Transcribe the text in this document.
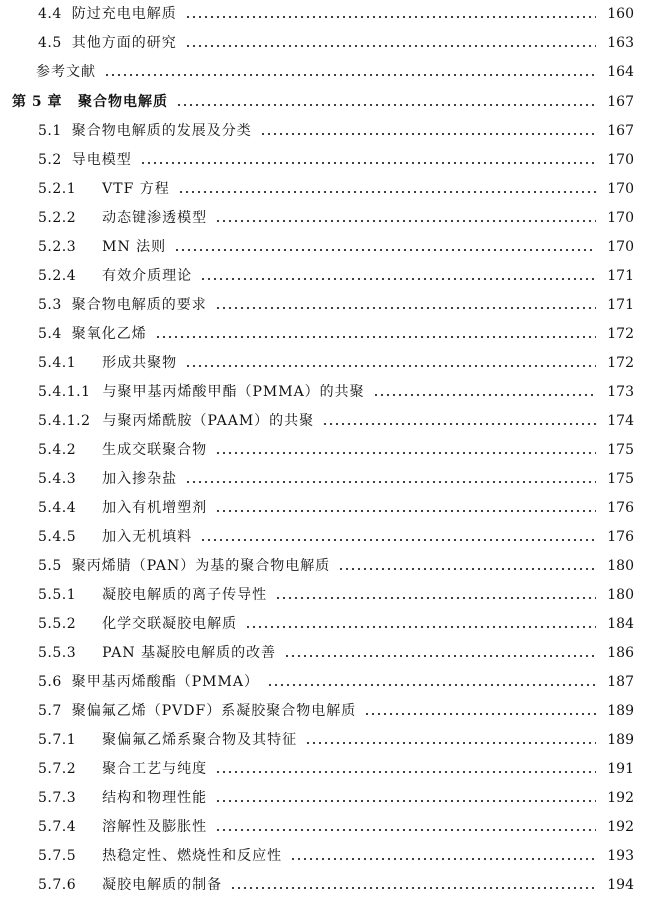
4.4 防过充电电解质	160
4.5 其他方面的研究	163
参考文献	164
第 5 章 聚合物电解质	167
5.1 聚合物电解质的发展及分类	167
5.2 导电模型	170
5.2.1 VTF 方程	170
5.2.2 动态键渗透模型	170
5.2.3 MN 法则	170
5.2.4 有效介质理论	171
5.3 聚合物电解质的要求	171
5.4 聚氧化乙烯	172
5.4.1 形成共聚物	172
5.4.1.1 与聚甲基丙烯酸甲酯（PMMA）的共聚	173
5.4.1.2 与聚丙烯酰胺（PAAM）的共聚	174
5.4.2 生成交联聚合物	175
5.4.3 加入掺杂盐	175
5.4.4 加入有机增塑剂	176
5.4.5 加入无机填料	176
5.5 聚丙烯腈（PAN）为基的聚合物电解质	180
5.5.1 凝胶电解质的离子传导性	180
5.5.2 化学交联凝胶电解质	184
5.5.3 PAN 基凝胶电解质的改善	186
5.6 聚甲基丙烯酸酯（PMMA）	187
5.7 聚偏氟乙烯（PVDF）系凝胶聚合物电解质	189
5.7.1 聚偏氟乙烯系聚合物及其特征	189
5.7.2 聚合工艺与纯度	191
5.7.3 结构和物理性能	192
5.7.4 溶解性及膨胀性	192
5.7.5 热稳定性、燃烧性和反应性	193
5.7.6 凝胶电解质的制备	194
